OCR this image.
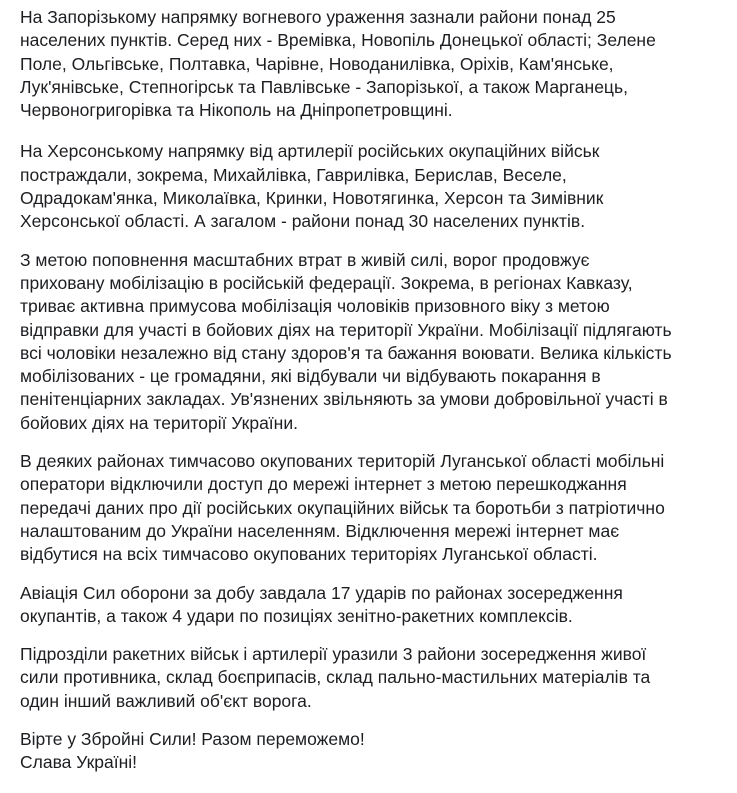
На Запорізькому напрямку вогневого ураження зазнали райони понад 25
населених пунктів. Серед них - Времівка, Новопіль Донецької області; Зелене
Поле, Ольгівське, Полтавка, Чарівне, Новоданилівка, Оріхів, Кам'янське,
Лук'янівське, Степногірськ та Павлівське - Запорізької, а також Марганець,
Червоногригорівка та Нікополь на Дніпропетровщині.

На Херсонському напрямку від артилерії російських окупаційних військ
постраждали, зокрема, Михайлівка, Гаврилівка, Берислав, Веселе,
Одрадокам'янка, Миколаївка, Кринки, Новотягинка, Херсон та Зимівник
Херсонської області. А загалом - райони понад 30 населених пунктів.

З метою поповнення масштабних втрат в живій силі, ворог продовжує
приховану мобілізацію в російській федерації. Зокрема, в регіонах Кавказу,
триває активна примусова мобілізація чоловіків призовного віку з метою
відправки для участі в бойових діях на території України. Мобілізації підлягають
всі чоловіки незалежно від стану здоров'я та бажання воювати. Велика кількість
мобілізованих - це громадяни, які відбували чи відбувають покарання в
пенітенціарних закладах. Ув'язнених звільняють за умови добровільної участі в
бойових діях на території України.

В деяких районах тимчасово окупованих територій Луганської області мобільні
оператори відключили доступ до мережі інтернет з метою перешкоджання
передачі даних про дії російських окупаційних військ та боротьби з патріотично
налаштованим до України населенням. Відключення мережі інтернет має
відбутися на всіх тимчасово окупованих територіях Луганської області.

Авіація Сил оборони за добу завдала 17 ударів по районах зосередження
окупантів, а також 4 удари по позиціях зенітно-ракетних комплексів.

Підрозділи ракетних військ і артилерії уразили 3 райони зосередження живої
сили противника, склад боєприпасів, склад пально-мастильних матеріалів та
один інший важливий об'єкт ворога.

Вірте у Збройні Сили! Разом переможемо!
Слава Україні!
